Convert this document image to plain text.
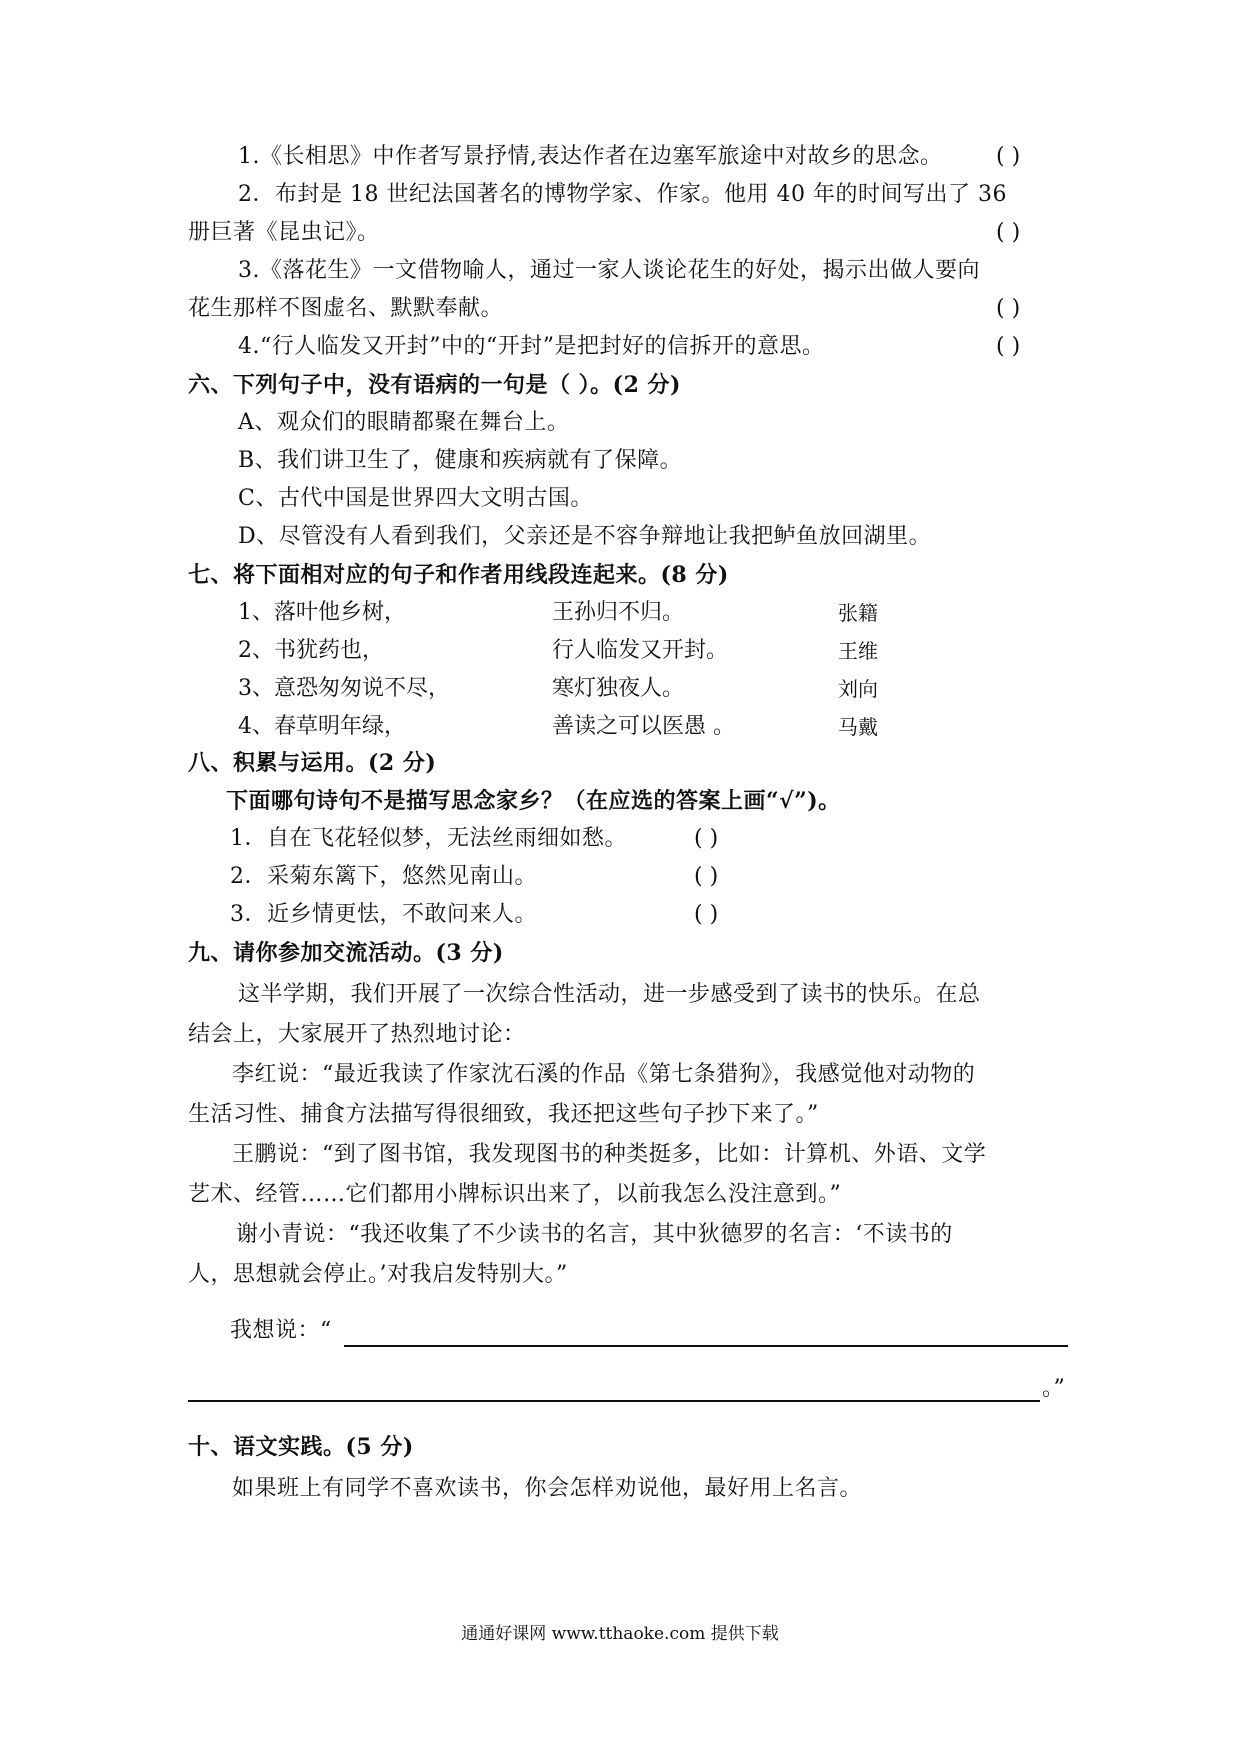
1.《长相思》中作者写景抒情,表达作者在边塞军旅途中对故乡的思念。 ( )
2．布封是 18 世纪法国著名的博物学家、作家。他用 40 年的时间写出了 36
册巨著《昆虫记》。	( )
3.《落花生》一文借物喻人，通过一家人谈论花生的好处，揭示出做人要向
花生那样不图虚名、默默奉献。	( )
4.“行人临发又开封”中的“开封”是把封好的信拆开的意思。	( )
六、下列句子中，没有语病的一句是（ ）。(2 分)
A、观众们的眼睛都聚在舞台上。
B、我们讲卫生了，健康和疾病就有了保障。
C、古代中国是世界四大文明古国。
D、尽管没有人看到我们，父亲还是不容争辩地让我把鲈鱼放回湖里。
七、将下面相对应的句子和作者用线段连起来。(8 分)
1、落叶他乡树，	王孙归不归。	张籍
2、书犹药也，	行人临发又开封。	王维
3、意恐匆匆说不尽，	寒灯独夜人。	刘向
4、春草明年绿，	善读之可以医愚 。	马戴
八、积累与运用。(2 分)
下面哪句诗句不是描写思念家乡？（在应选的答案上画“√”)。
1．自在飞花轻似梦，无法丝雨细如愁。	( )
2．采菊东篱下，悠然见南山。	( )
3．近乡情更怯，不敢问来人。	( )
九、请你参加交流活动。(3 分)
这半学期，我们开展了一次综合性活动，进一步感受到了读书的快乐。在总
结会上，大家展开了热烈地讨论：
李红说：“最近我读了作家沈石溪的作品《第七条猎狗》，我感觉他对动物的
生活习性、捕食方法描写得很细致，我还把这些句子抄下来了。”
王鹏说：“到了图书馆，我发现图书的种类挺多，比如：计算机、外语、文学
艺术、经管……它们都用小牌标识出来了，以前我怎么没注意到。”
谢小青说：“我还收集了不少读书的名言，其中狄德罗的名言：‘不读书的
人，思想就会停止。’对我启发特别大。”
我想说：“
。”
十、语文实践。(5 分)
如果班上有同学不喜欢读书，你会怎样劝说他，最好用上名言。
通通好课网 www.tthaoke.com 提供下载
